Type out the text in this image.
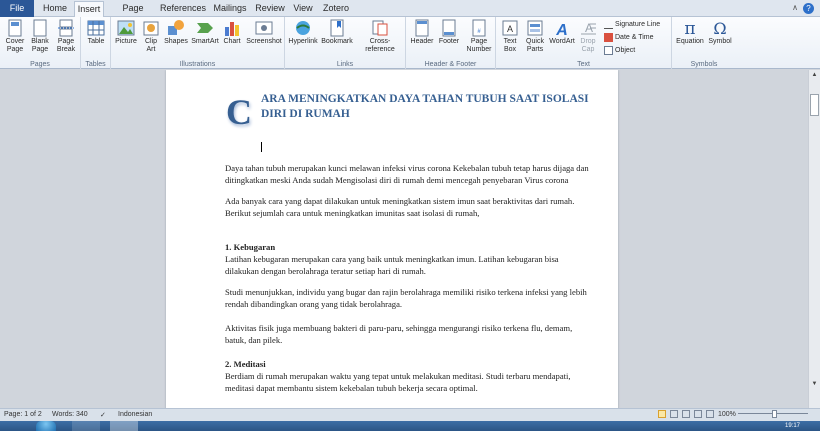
File	Home	Insert	Page	References Mailings Review View	Zotero	∧	?
Cover Page
Blank Page
Page Break
Pages
Table
Tables
Picture	Clip Art
Shapes SmartArt Chart Screenshot
Illustrations
Hyperlink Bookmark	Cross-reference
Links
Header Footer
#
Page Number
Header & Footer
A
Text Box
Quick Parts
A
WordArt
A
Drop Cap
Signature Line
Date & Time
Object
Text
π
Equation
Ω
Symbol
Symbols
C ARA MENINGKATKAN DAYA TAHAN TUBUH SAAT ISOLASI DIRI DI RUMAH

Daya tahan tubuh merupakan kunci melawan infeksi virus corona Kekebalan tubuh tetap harus dijaga dan ditingkatkan meski Anda sudah Mengisolasi diri di rumah demi mencegah penyebaran Virus corona

Ada banyak cara yang dapat dilakukan untuk meningkatkan sistem imun saat beraktivitas dari rumah. Berikut sejumlah cara untuk meningkatkan imunitas saat isolasi di rumah,

1. Kebugaran

Latihan kebugaran merupakan cara yang baik untuk meningkatkan imun. Latihan kebugaran bisa dilakukan dengan berolahraga teratur setiap hari di rumah.

Studi menunjukkan, individu yang bugar dan rajin berolahraga memiliki risiko terkena infeksi yang lebih rendah dibandingkan orang yang tidak berolahraga.

Aktivitas fisik juga membuang bakteri di paru-paru, sehingga mengurangi risiko terkena flu, demam, batuk, dan pilek.

2. Meditasi

Berdiam di rumah merupakan waktu yang tepat untuk melakukan meditasi. Studi terbaru mendapati, meditasi dapat membantu sistem kekebalan tubuh bekerja secara optimal.

▲
▼
Page: 1 of 2 Words: 340 ✓ Indonesian	100%
19:17
